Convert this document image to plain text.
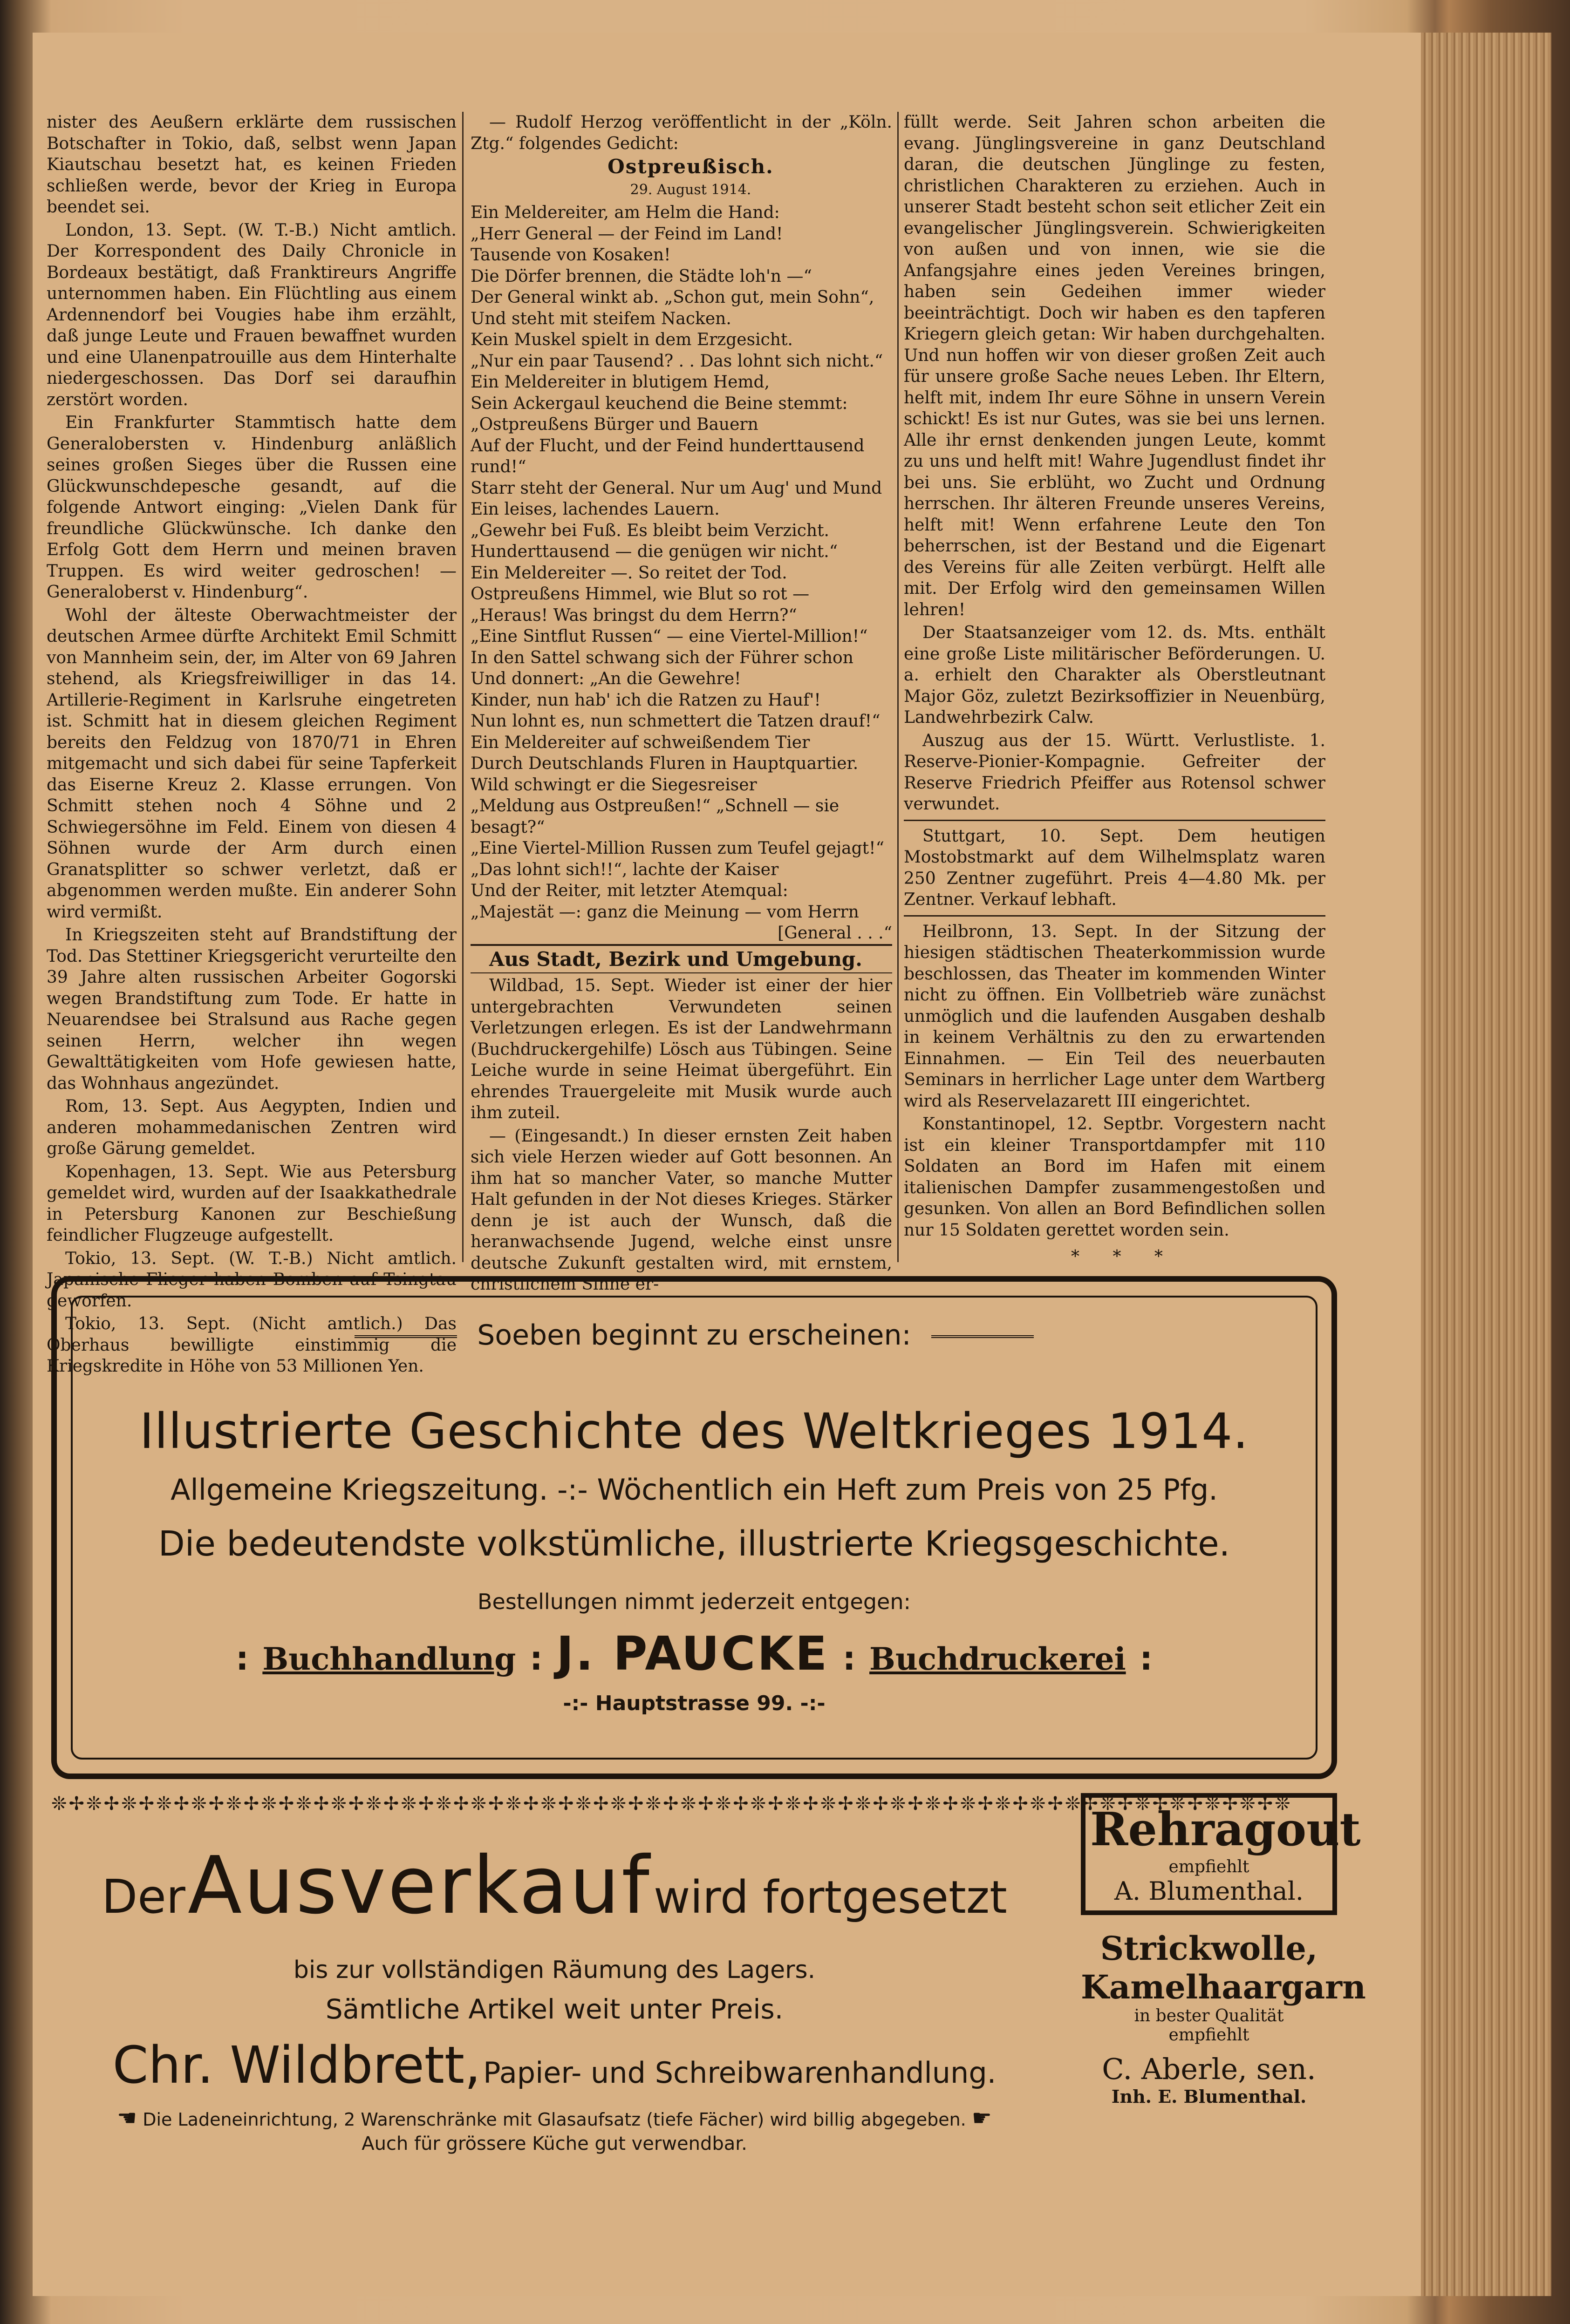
nister des Aeußern erklärte dem russischen Botschafter in Tokio, daß, selbst wenn Japan Kiautschau besetzt hat, es keinen Frieden schließen werde, bevor der Krieg in Europa beendet sei.

London, 13. Sept. (W. T.-B.) Nicht amtlich. Der Korrespondent des Daily Chronicle in Bordeaux bestätigt, daß Franktireurs Angriffe unternommen haben. Ein Flüchtling aus einem Ardennendorf bei Vougies habe ihm erzählt, daß junge Leute und Frauen bewaffnet wurden und eine Ulanenpatrouille aus dem Hinterhalte niedergeschossen. Das Dorf sei daraufhin zerstört worden.

Ein Frankfurter Stammtisch hatte dem Generalobersten v. Hindenburg anläßlich seines großen Sieges über die Russen eine Glückwunschdepesche gesandt, auf die folgende Antwort einging: „Vielen Dank für freundliche Glückwünsche. Ich danke den Erfolg Gott dem Herrn und meinen braven Truppen. Es wird weiter gedroschen! — Generaloberst v. Hindenburg“.

Wohl der älteste Oberwachtmeister der deutschen Armee dürfte Architekt Emil Schmitt von Mannheim sein, der, im Alter von 69 Jahren stehend, als Kriegsfreiwilliger in das 14. Artillerie-Regiment in Karlsruhe eingetreten ist. Schmitt hat in diesem gleichen Regiment bereits den Feldzug von 1870/71 in Ehren mitgemacht und sich dabei für seine Tapferkeit das Eiserne Kreuz 2. Klasse errungen. Von Schmitt stehen noch 4 Söhne und 2 Schwiegersöhne im Feld. Einem von diesen 4 Söhnen wurde der Arm durch einen Granatsplitter so schwer verletzt, daß er abgenommen werden mußte. Ein anderer Sohn wird vermißt.

In Kriegszeiten steht auf Brandstiftung der Tod. Das Stettiner Kriegsgericht verurteilte den 39 Jahre alten russischen Arbeiter Gogorski wegen Brandstiftung zum Tode. Er hatte in Neuarendsee bei Stralsund aus Rache gegen seinen Herrn, welcher ihn wegen Gewalttätigkeiten vom Hofe gewiesen hatte, das Wohnhaus angezündet.

Rom, 13. Sept. Aus Aegypten, Indien und anderen mohammedanischen Zentren wird große Gärung gemeldet.

Kopenhagen, 13. Sept. Wie aus Petersburg gemeldet wird, wurden auf der Isaakkathedrale in Petersburg Kanonen zur Beschießung feindlicher Flugzeuge aufgestellt.

Tokio, 13. Sept. (W. T.-B.) Nicht amtlich. Japanische Flieger haben Bomben auf Tsingtau geworfen.

Tokio, 13. Sept. (Nicht amtlich.) Das Oberhaus bewilligte einstimmig die Kriegskredite in Höhe von 53 Millionen Yen.

— Rudolf Herzog veröffentlicht in der „Köln. Ztg.“ folgendes Gedicht:

Ostpreußisch.

29. August 1914.

Ein Meldereiter, am Helm die Hand:

„Herr General — der Feind im Land!

Tausende von Kosaken!

Die Dörfer brennen, die Städte loh'n —“

Der General winkt ab. „Schon gut, mein Sohn“,

Und steht mit steifem Nacken.

Kein Muskel spielt in dem Erzgesicht.

„Nur ein paar Tausend? . . Das lohnt sich nicht.“

Ein Meldereiter in blutigem Hemd,

Sein Ackergaul keuchend die Beine stemmt:

„Ostpreußens Bürger und Bauern

Auf der Flucht, und der Feind hunderttausend rund!“

Starr steht der General. Nur um Aug' und Mund

Ein leises, lachendes Lauern.

„Gewehr bei Fuß. Es bleibt beim Verzicht.

Hunderttausend — die genügen wir nicht.“

Ein Meldereiter —. So reitet der Tod.

Ostpreußens Himmel, wie Blut so rot —

„Heraus! Was bringst du dem Herrn?“

„Eine Sintflut Russen“ — eine Viertel-Million!“

In den Sattel schwang sich der Führer schon

Und donnert: „An die Gewehre!

Kinder, nun hab' ich die Ratzen zu Hauf'!

Nun lohnt es, nun schmettert die Tatzen drauf!“

Ein Meldereiter auf schweißendem Tier

Durch Deutschlands Fluren in Hauptquartier.

Wild schwingt er die Siegesreiser

„Meldung aus Ostpreußen!“ „Schnell — sie besagt?“

„Eine Viertel-Million Russen zum Teufel gejagt!“

„Das lohnt sich!!“, lachte der Kaiser

Und der Reiter, mit letzter Atemqual:

„Majestät —: ganz die Meinung — vom Herrn

[General . . .“

Aus Stadt, Bezirk und Umgebung.

Wildbad, 15. Sept. Wieder ist einer der hier untergebrachten Verwundeten seinen Verletzungen erlegen. Es ist der Landwehrmann (Buchdruckergehilfe) Lösch aus Tübingen. Seine Leiche wurde in seine Heimat übergeführt. Ein ehrendes Trauergeleite mit Musik wurde auch ihm zuteil.

— (Eingesandt.) In dieser ernsten Zeit haben sich viele Herzen wieder auf Gott besonnen. An ihm hat so mancher Vater, so manche Mutter Halt gefunden in der Not dieses Krieges. Stärker denn je ist auch der Wunsch, daß die heranwachsende Jugend, welche einst unsre deutsche Zukunft gestalten wird, mit ernstem, christlichem Sinne er-

füllt werde. Seit Jahren schon arbeiten die evang. Jünglingsvereine in ganz Deutschland daran, die deutschen Jünglinge zu festen, christlichen Charakteren zu erziehen. Auch in unserer Stadt besteht schon seit etlicher Zeit ein evangelischer Jünglingsverein. Schwierigkeiten von außen und von innen, wie sie die Anfangsjahre eines jeden Vereines bringen, haben sein Gedeihen immer wieder beeinträchtigt. Doch wir haben es den tapferen Kriegern gleich getan: Wir haben durchgehalten. Und nun hoffen wir von dieser großen Zeit auch für unsere große Sache neues Leben. Ihr Eltern, helft mit, indem Ihr eure Söhne in unsern Verein schickt! Es ist nur Gutes, was sie bei uns lernen. Alle ihr ernst denkenden jungen Leute, kommt zu uns und helft mit! Wahre Jugendlust findet ihr bei uns. Sie erblüht, wo Zucht und Ordnung herrschen. Ihr älteren Freunde unseres Vereins, helft mit! Wenn erfahrene Leute den Ton beherrschen, ist der Bestand und die Eigenart des Vereins für alle Zeiten verbürgt. Helft alle mit. Der Erfolg wird den gemeinsamen Willen lehren!

Der Staatsanzeiger vom 12. ds. Mts. enthält eine große Liste militärischer Beförderungen. U. a. erhielt den Charakter als Oberstleutnant Major Göz, zuletzt Bezirksoffizier in Neuenbürg, Landwehrbezirk Calw.

Auszug aus der 15. Württ. Verlustliste. 1. Reserve-Pionier-Kompagnie. Gefreiter der Reserve Friedrich Pfeiffer aus Rotensol schwer verwundet.

Stuttgart, 10. Sept. Dem heutigen Mostobstmarkt auf dem Wilhelmsplatz waren 250 Zentner zugeführt. Preis 4—4.80 Mk. per Zentner. Verkauf lebhaft.

Heilbronn, 13. Sept. In der Sitzung der hiesigen städtischen Theaterkommission wurde beschlossen, das Theater im kommenden Winter nicht zu öffnen. Ein Vollbetrieb wäre zunächst unmöglich und die laufenden Ausgaben deshalb in keinem Verhältnis zu den zu erwartenden Einnahmen. — Ein Teil des neuerbauten Seminars in herrlicher Lage unter dem Wartberg wird als Reservelazarett III eingerichtet.

Konstantinopel, 12. Septbr. Vorgestern nacht ist ein kleiner Transportdampfer mit 110 Soldaten an Bord im Hafen mit einem italienischen Dampfer zusammengestoßen und gesunken. Von allen an Bord Befindlichen sollen nur 15 Soldaten gerettet worden sein.

* * *

Soeben beginnt zu erscheinen:
Illustrierte Geschichte des Weltkrieges 1914.
Allgemeine Kriegszeitung. -:- Wöchentlich ein Heft zum Preis von 25 Pfg.
Die bedeutendste volkstümliche, illustrierte Kriegsgeschichte.
Bestellungen nimmt jederzeit entgegen:
:  Buchhandlung  :  J. PAUCKE  :  Buchdruckerei  :
-:- Hauptstrasse 99. -:-
❊✢❊✢❊✢❊✢❊✢❊✢❊✢❊✢❊✢❊✢❊✢❊✢❊✢❊✢❊✢❊✢❊✢❊✢❊✢❊✢❊✢❊✢❊✢❊✢❊✢❊✢❊✢❊✢❊✢❊✢❊✢❊✢❊✢❊✢❊✢❊
Der Ausverkauf wird fortgesetzt
bis zur vollständigen Räumung des Lagers.
Sämtliche Artikel weit unter Preis.
Chr. Wildbrett, Papier- und Schreibwarenhandlung.
☛ Die Ladeneinrichtung, 2 Warenschränke mit Glasaufsatz (tiefe Fächer) wird billig abgegeben. ☛
Auch für grössere Küche gut verwendbar.
Rehragout
empfiehlt
A. Blumenthal.
Strickwolle,
Kamelhaargarn
in bester Qualität
empfiehlt
C. Aberle, sen.
Inh. E. Blumenthal.
